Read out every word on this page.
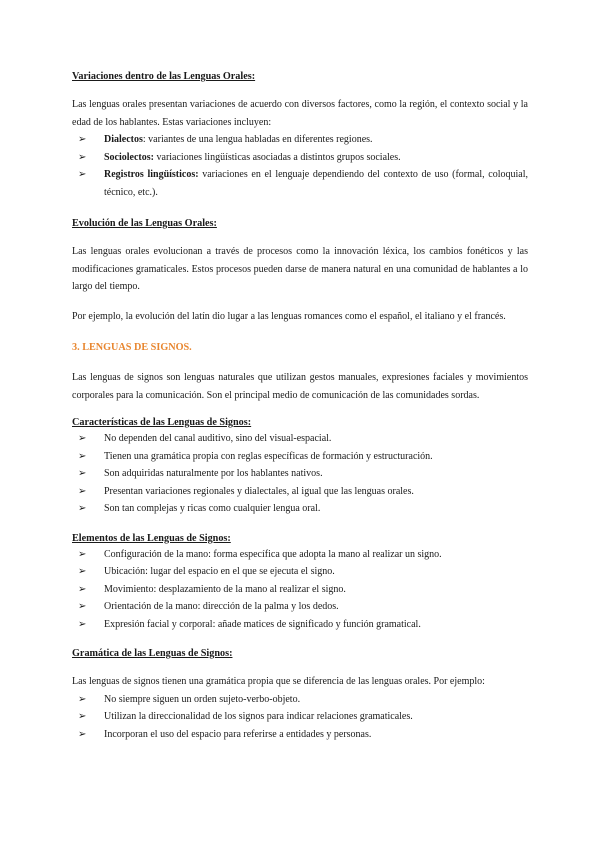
Variaciones dentro de las Lenguas Orales:

Las lenguas orales presentan variaciones de acuerdo con diversos factores, como la región, el contexto social y la edad de los hablantes. Estas variaciones incluyen:

➢ Dialectos: variantes de una lengua habladas en diferentes regiones.
➢ Sociolectos: variaciones lingüísticas asociadas a distintos grupos sociales.
➢ Registros lingüísticos: variaciones en el lenguaje dependiendo del contexto de uso (formal, coloquial, técnico, etc.).

Evolución de las Lenguas Orales:

Las lenguas orales evolucionan a través de procesos como la innovación léxica, los cambios fonéticos y las modificaciones gramaticales. Estos procesos pueden darse de manera natural en una comunidad de hablantes a lo largo del tiempo.

Por ejemplo, la evolución del latín dio lugar a las lenguas romances como el español, el italiano y el francés.

3. LENGUAS DE SIGNOS.

Las lenguas de signos son lenguas naturales que utilizan gestos manuales, expresiones faciales y movimientos corporales para la comunicación. Son el principal medio de comunicación de las comunidades sordas.

Características de las Lenguas de Signos:

➢ No dependen del canal auditivo, sino del visual-espacial.
➢ Tienen una gramática propia con reglas específicas de formación y estructuración.
➢ Son adquiridas naturalmente por los hablantes nativos.
➢ Presentan variaciones regionales y dialectales, al igual que las lenguas orales.
➢ Son tan complejas y ricas como cualquier lengua oral.

Elementos de las Lenguas de Signos:

➢ Configuración de la mano: forma específica que adopta la mano al realizar un signo.
➢ Ubicación: lugar del espacio en el que se ejecuta el signo.
➢ Movimiento: desplazamiento de la mano al realizar el signo.
➢ Orientación de la mano: dirección de la palma y los dedos.
➢ Expresión facial y corporal: añade matices de significado y función gramatical.

Gramática de las Lenguas de Signos:

Las lenguas de signos tienen una gramática propia que se diferencia de las lenguas orales. Por ejemplo:

➢ No siempre siguen un orden sujeto-verbo-objeto.
➢ Utilizan la direccionalidad de los signos para indicar relaciones gramaticales.
➢ Incorporan el uso del espacio para referirse a entidades y personas.
